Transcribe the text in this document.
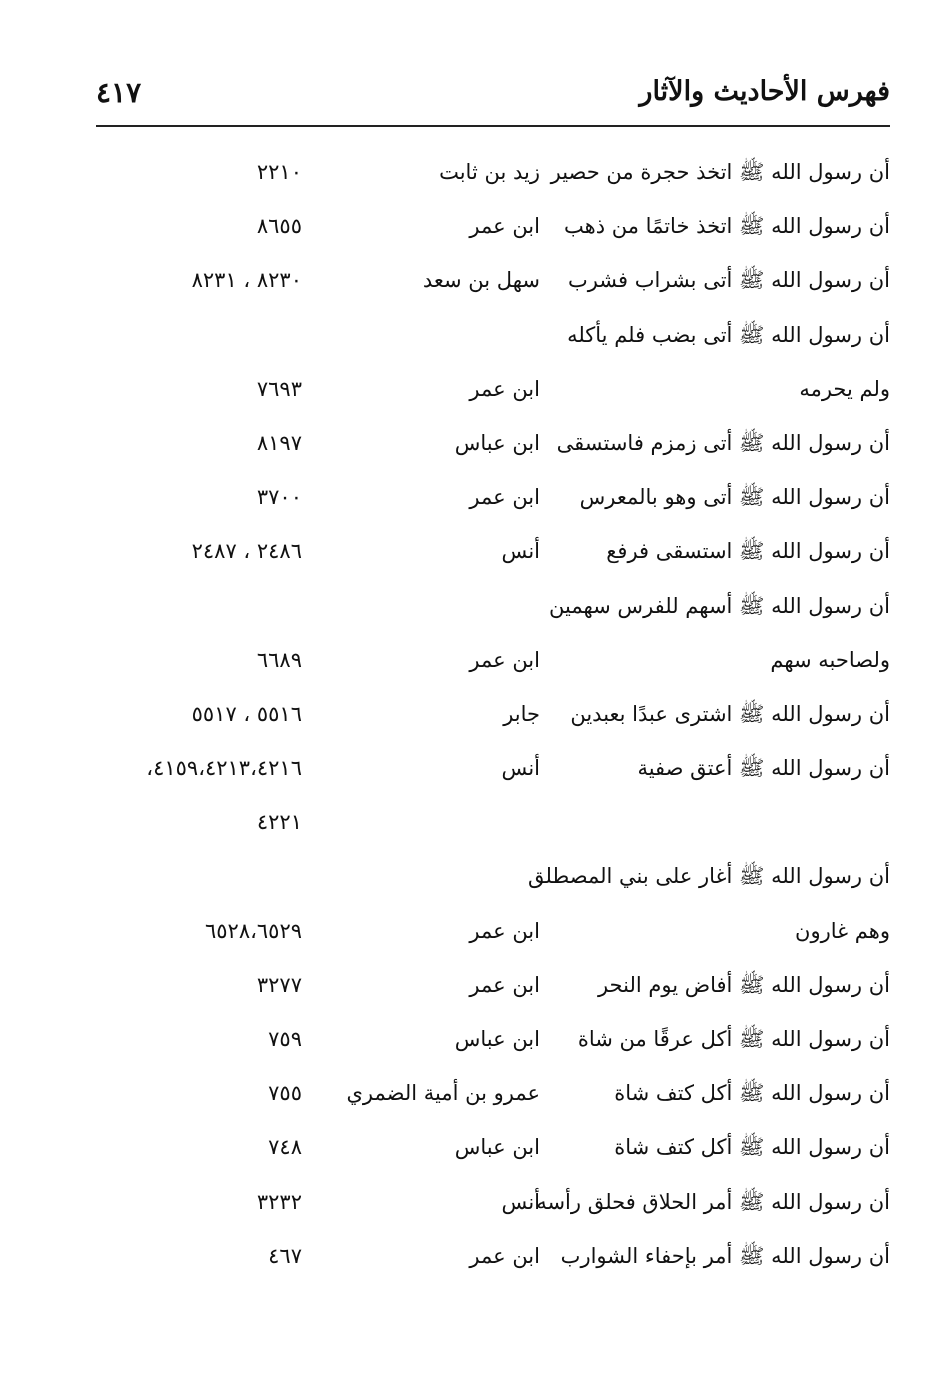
فهرس الأحاديث والآثار
٤١٧
أن رسول الله ﷺ اتخذ حجرة من حصير
زيد بن ثابت
٢٢١٠
أن رسول الله ﷺ اتخذ خاتمًا من ذهب
ابن عمر
٨٦٥٥
أن رسول الله ﷺ أتى بشراب فشرب
سهل بن سعد
٨٢٣٠ ، ٨٢٣١
أن رسول الله ﷺ أتى بضب فلم يأكله
ولم يحرمه
ابن عمر
٧٦٩٣
أن رسول الله ﷺ أتى زمزم فاستسقى
ابن عباس
٨١٩٧
أن رسول الله ﷺ أتى وهو بالمعرس
ابن عمر
٣٧٠٠
أن رسول الله ﷺ استسقى فرفع
أنس
٢٤٨٦ ، ٢٤٨٧
أن رسول الله ﷺ أسهم للفرس سهمين
ولصاحبه سهم
ابن عمر
٦٦٨٩
أن رسول الله ﷺ اشترى عبدًا بعبدين
جابر
٥٥١٦ ، ٥٥١٧
أن رسول الله ﷺ أعتق صفية
أنس
٤١٥٩،٤٢١٣،٤٢١٦،
٤٢٢١
أن رسول الله ﷺ أغار على بني المصطلق
وهم غارون
ابن عمر
٦٥٢٨،٦٥٢٩
أن رسول الله ﷺ أفاض يوم النحر
ابن عمر
٣٢٧٧
أن رسول الله ﷺ أكل عرقًا من شاة
ابن عباس
٧٥٩
أن رسول الله ﷺ أكل كتف شاة
عمرو بن أمية الضمري
٧٥٥
أن رسول الله ﷺ أكل كتف شاة
ابن عباس
٧٤٨
أن رسول الله ﷺ أمر الحلاق فحلق رأسه
أنس
٣٢٣٢
أن رسول الله ﷺ أمر بإحفاء الشوارب
ابن عمر
٤٦٧
